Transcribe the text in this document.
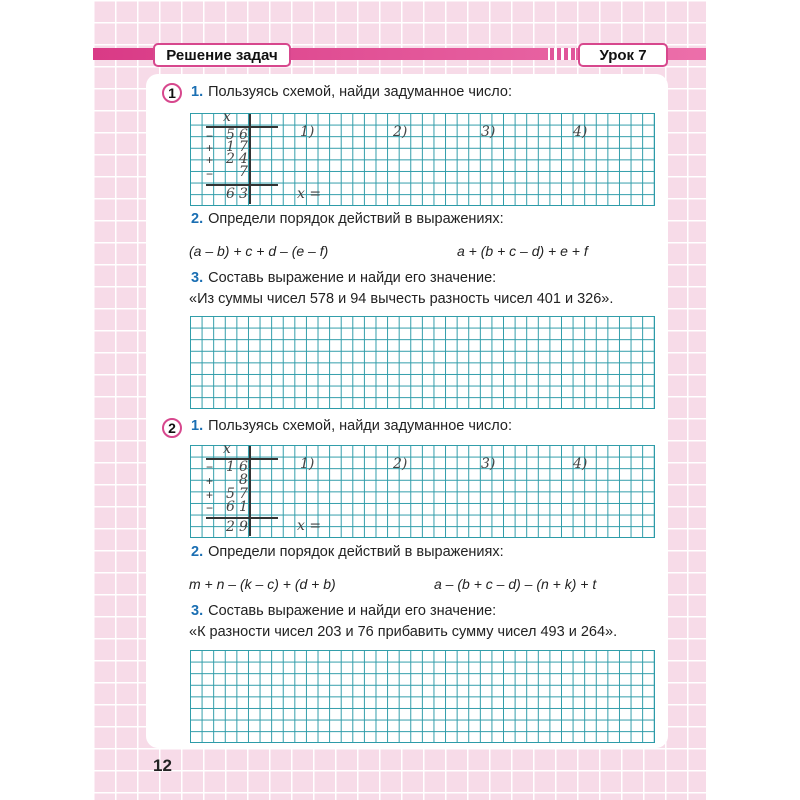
Решение задач	Урок 7
1	1. Пользуясь схемой, найди задуманное число:
x
−
+
+
−
5 6
1 7
2 4
7
6 3
1)	2)	3)	4)
x =
2. Определи порядок действий в выражениях:
(a – b) + c + d – (e – f)	a + (b + c – d) + e + f
3. Составь выражение и найди его значение:
«Из суммы чисел 578 и 94 вычесть разность чисел 401 и 326».
2	1. Пользуясь схемой, найди задуманное число:
x
−
+
+
−
1 6
8
5 7
6 1
2 9
1)	2)	3)	4)
x =
2. Определи порядок действий в выражениях:
m + n – (k – c) + (d + b)	a – (b + c – d) – (n + k) + t
3. Составь выражение и найди его значение:
«К разности чисел 203 и 76 прибавить сумму чисел 493 и 264».
12
